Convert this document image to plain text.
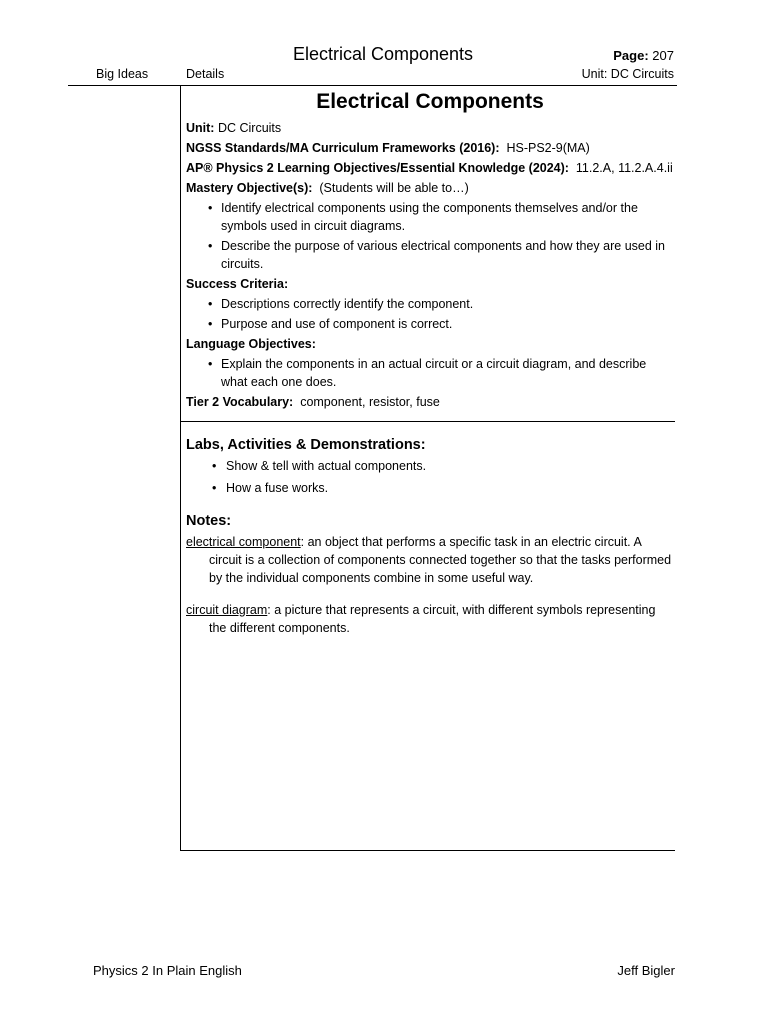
Electrical Components	Page: 207
Big Ideas	Details	Unit: DC Circuits
Electrical Components
Unit: DC Circuits
NGSS Standards/MA Curriculum Frameworks (2016): HS-PS2-9(MA)
AP® Physics 2 Learning Objectives/Essential Knowledge (2024): 11.2.A, 11.2.A.4.ii
Mastery Objective(s): (Students will be able to…)
• Identify electrical components using the components themselves and/or the symbols used in circuit diagrams.
• Describe the purpose of various electrical components and how they are used in circuits.
Success Criteria:
• Descriptions correctly identify the component.
• Purpose and use of component is correct.
Language Objectives:
• Explain the components in an actual circuit or a circuit diagram, and describe what each one does.
Tier 2 Vocabulary: component, resistor, fuse
Labs, Activities & Demonstrations:
• Show & tell with actual components.
• How a fuse works.
Notes:
electrical component: an object that performs a specific task in an electric circuit. A circuit is a collection of components connected together so that the tasks performed by the individual components combine in some useful way.
circuit diagram: a picture that represents a circuit, with different symbols representing the different components.
Physics 2 In Plain English	Jeff Bigler
